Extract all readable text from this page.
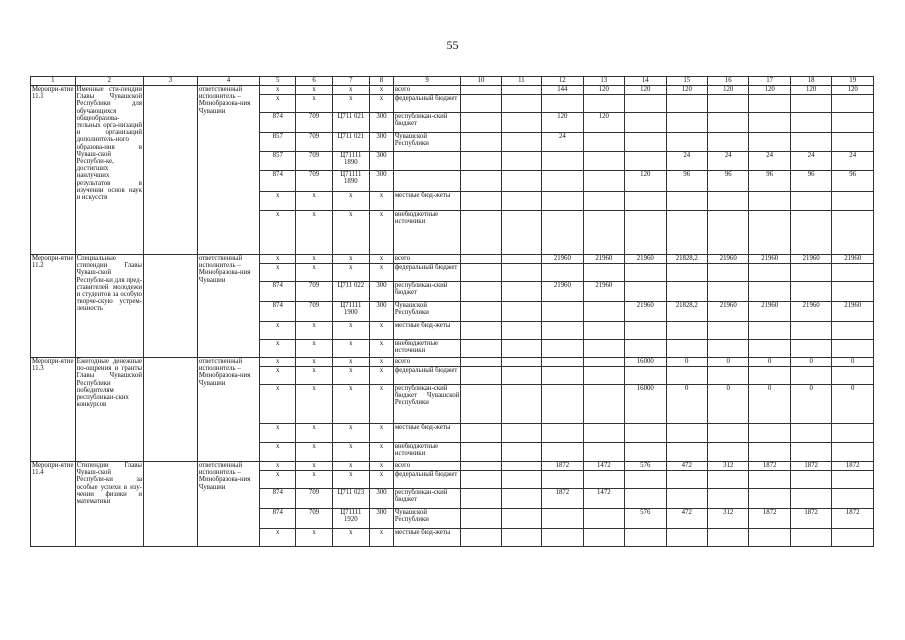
55
1	2	3	4	5	6	7	8	9	10	11	12	13	14	15	16	17	18	19
Меропри-ятие 11.1	Именные сти-пендии Главы Чувашской Республики для обучающихся общеобразова-тельных орга-низаций и организаций дополнитель-ного образова-ния в Чуваш-ской Республи-ке, достигших наилучших результатов в изучении основ наук и искусств		ответственный исполнитель – Минобразова-ния Чувашии	х	х	х	х	всего			144	120	120	120	120	120	120	120
				х	х	х	х	федеральный бюджет										
				874	709	Ц711 021	300	республикан-ский бюджет			120	120						
				857	709	Ц711 021	300	Чувашской Республики			24							
				857	709	Ц71111 1890	300							24	24	24	24	24
				874	709	Ц71111 1890	300						120	96	96	96	96	96
				х	х	х	х	местные бюд-жеты										
				х	х	х	х	внебюджетные источники										
Меропри-ятие 11.2	Специальные стипендии Главы Чуваш-ской Республи-ки для пред-ставителей молодежи и студентов за особую творче-скую устрем-ленность		ответственный исполнитель – Минобразова-ния Чувашии	х	х	х	х	всего			21960	21960	21960	21828,2	21960	21960	21960	21960
				х	х	х	х	федеральный бюджет										
				874	709	Ц711 022	300	республикан-ский бюджет			21960	21960						
				874	709	Ц71111 1900	300	Чувашской Республики					21960	21828,2	21960	21960	21960	21960
				х	х	х	х	местные бюд-жеты										
				х	х	х	х	внебюджетные источники										
Меропри-ятие 11.3	Ежегодные денежные по-ощрения и гранты Главы Чувашской Республики победителям республикан-ских конкурсов		ответственный исполнитель – Минобразова-ния Чувашии	х	х	х	х	всего					16000	0	0	0	0	0
				х	х	х	х	федеральный бюджет										
				х	х	х	х	республикан-ский бюджет Чувашской Республики					16000	0	0	0	0	0
				х	х	х	х	местные бюд-жеты										
				х	х	х	х	внебюджетные источники										
Меропри-ятие 11.4	Стипендии Главы Чуваш-ской Республи-ки за особые успехи в изу-чении физики и математики		ответственный исполнитель – Минобразова-ния Чувашии	х	х	х	х	всего			1872	1472	576	472	312	1872	1872	1872
				х	х	х	х	федеральный бюджет										
				874	709	Ц711 023	300	республикан-ский бюджет			1872	1472						
				874	709	Ц71111 1920	300	Чувашской Республики					576	472	312	1872	1872	1872
				х	х	х	х	местные бюд-жеты										
